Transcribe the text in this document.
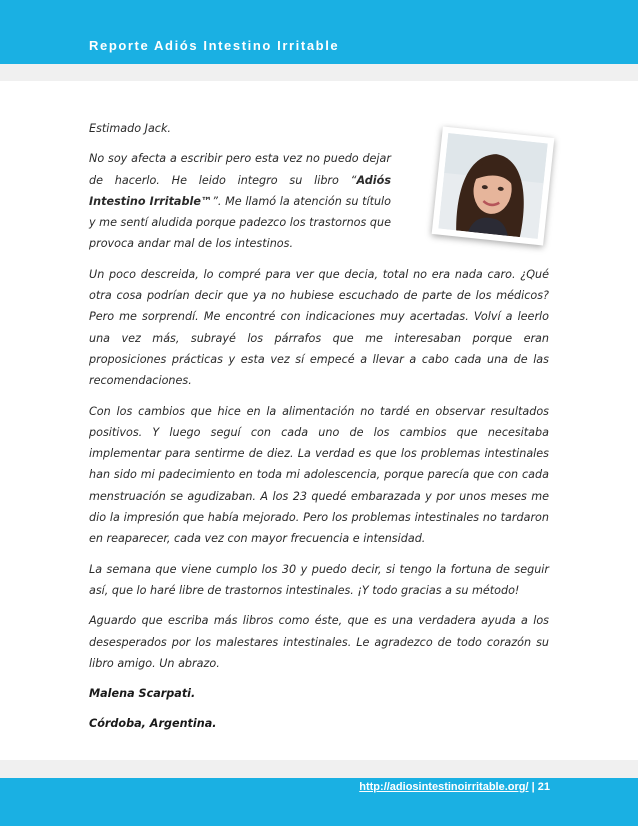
Reporte Adiós Intestino Irritable

Estimado Jack.

No soy afecta a escribir pero esta vez no puedo dejar de hacerlo. He leido integro su libro “Adiós Intestino Irritable™”. Me llamó la atención su título y me sentí aludida porque padezco los trastornos que provoca andar mal de los intestinos.

Un poco descreida, lo compré para ver que decia, total no era nada caro. ¿Qué otra cosa podrían decir que ya no hubiese escuchado de parte de los médicos? Pero me sorprendí. Me encontré con indicaciones muy acertadas. Volví a leerlo una vez más, subrayé los párrafos que me interesaban porque eran proposiciones prácticas y esta vez sí empecé a llevar a cabo cada una de las recomendaciones.

Con los cambios que hice en la alimentación no tardé en observar resultados positivos. Y luego seguí con cada uno de los cambios que necesitaba implementar para sentirme de diez. La verdad es que los problemas intestinales han sido mi padecimiento en toda mi adolescencia, porque parecía que con cada menstruación se agudizaban. A los 23 quedé embarazada y por unos meses me dio la impresión que había mejorado. Pero los problemas intestinales no tardaron en reaparecer, cada vez con mayor frecuencia e intensidad.

La semana que viene cumplo los 30 y puedo decir, si tengo la fortuna de seguir así, que lo haré libre de trastornos intestinales. ¡Y todo gracias a su método!

Aguardo que escriba más libros como éste, que es una verdadera ayuda a los desesperados por los malestares intestinales. Le agradezco de todo corazón su libro amigo. Un abrazo.

Malena Scarpati.

Córdoba, Argentina.

http://adiosintestinoirritable.org/ | 21
